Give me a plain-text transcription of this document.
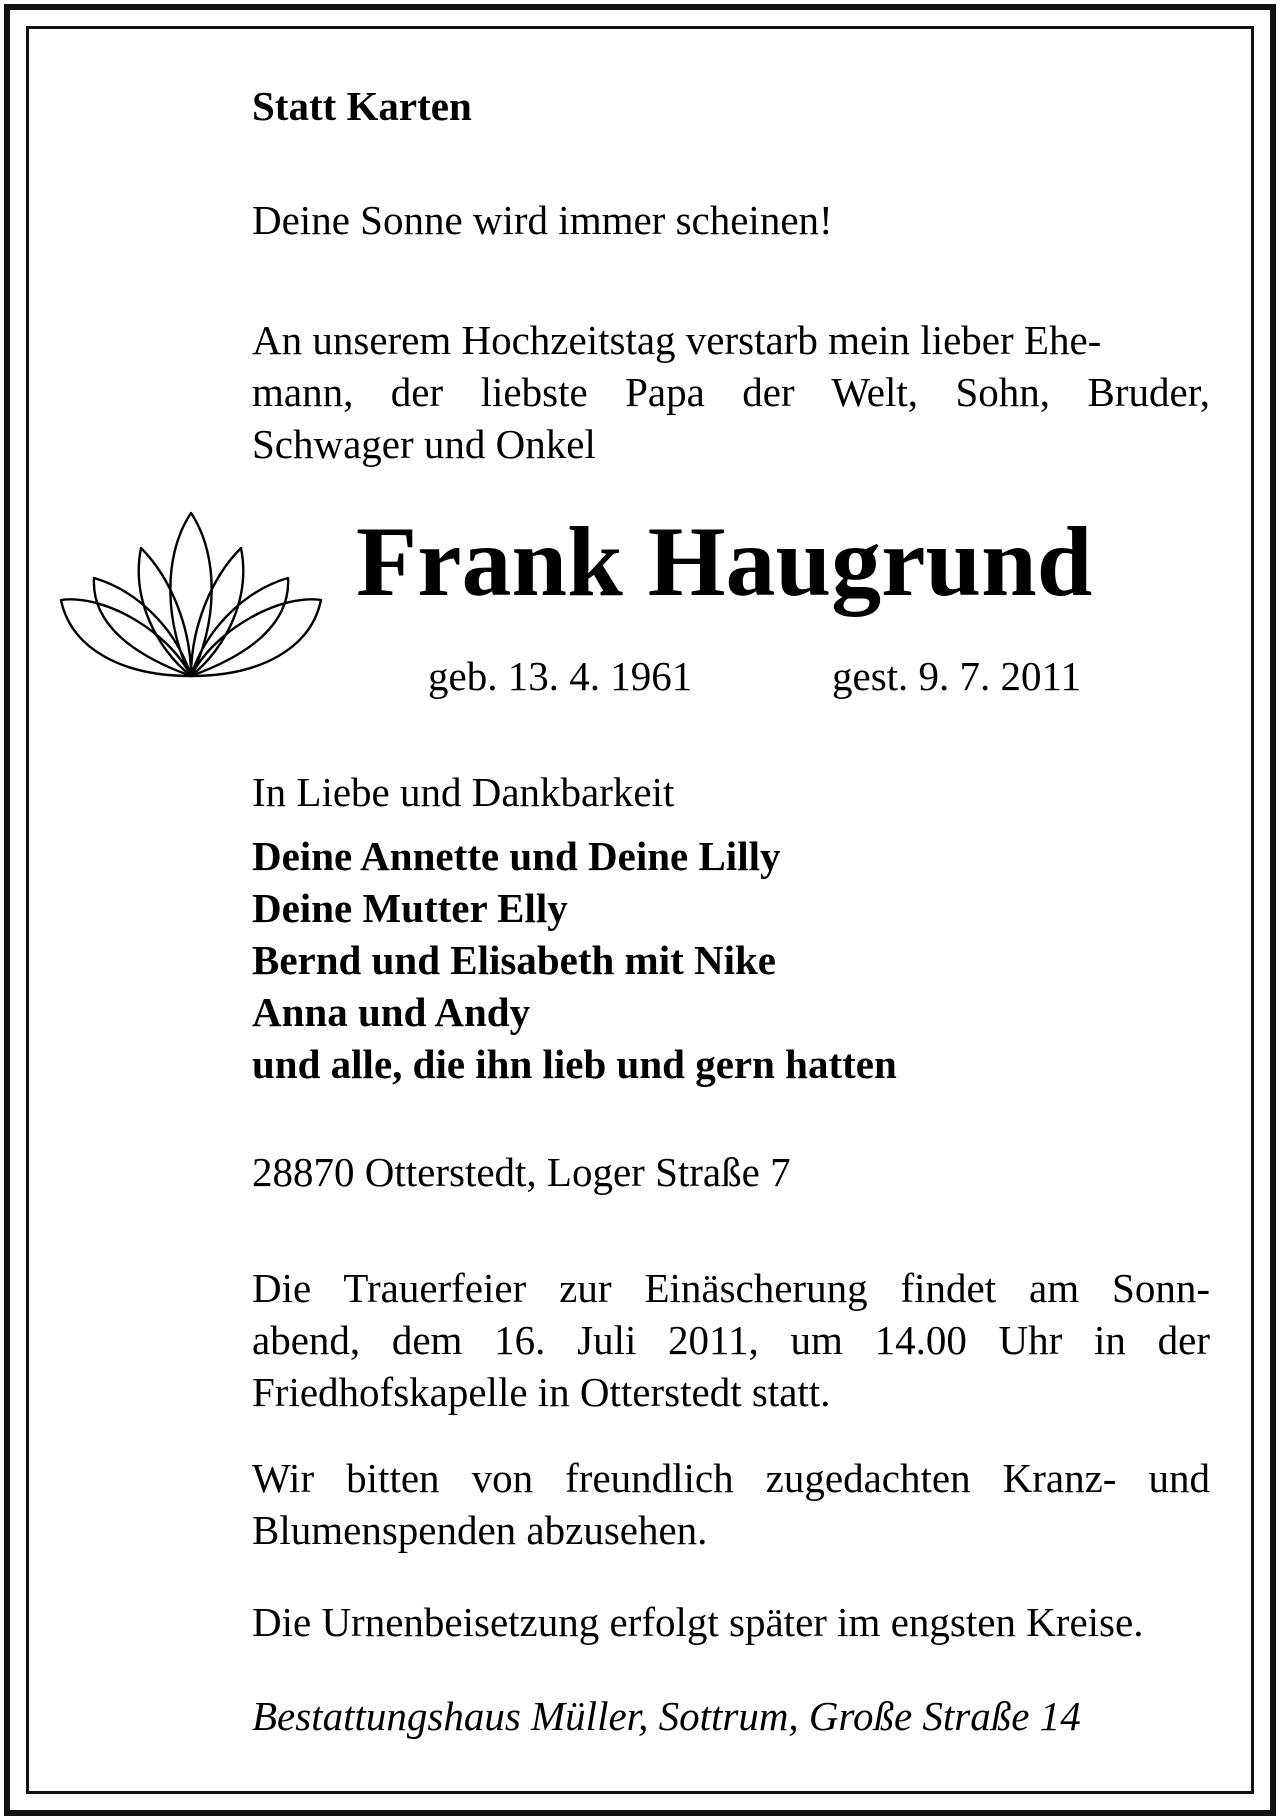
Statt Karten

Deine Sonne wird immer scheinen!

An unserem Hochzeitstag verstarb mein lieber Ehe-
mann, der liebste Papa der Welt, Sohn, Bruder,
Schwager und Onkel

Frank Haugrund

geb. 13. 4. 1961	gest. 9. 7. 2011

In Liebe und Dankbarkeit

Deine Annette und Deine Lilly
Deine Mutter Elly
Bernd und Elisabeth mit Nike
Anna und Andy
und alle, die ihn lieb und gern hatten

28870 Otterstedt, Loger Straße 7

Die Trauerfeier zur Einäscherung findet am Sonn-
abend, dem 16. Juli 2011, um 14.00 Uhr in der
Friedhofskapelle in Otterstedt statt.

Wir bitten von freundlich zugedachten Kranz- und Blumenspenden abzusehen.

Die Urnenbeisetzung erfolgt später im engsten Kreise.

Bestattungshaus Müller, Sottrum, Große Straße 14
